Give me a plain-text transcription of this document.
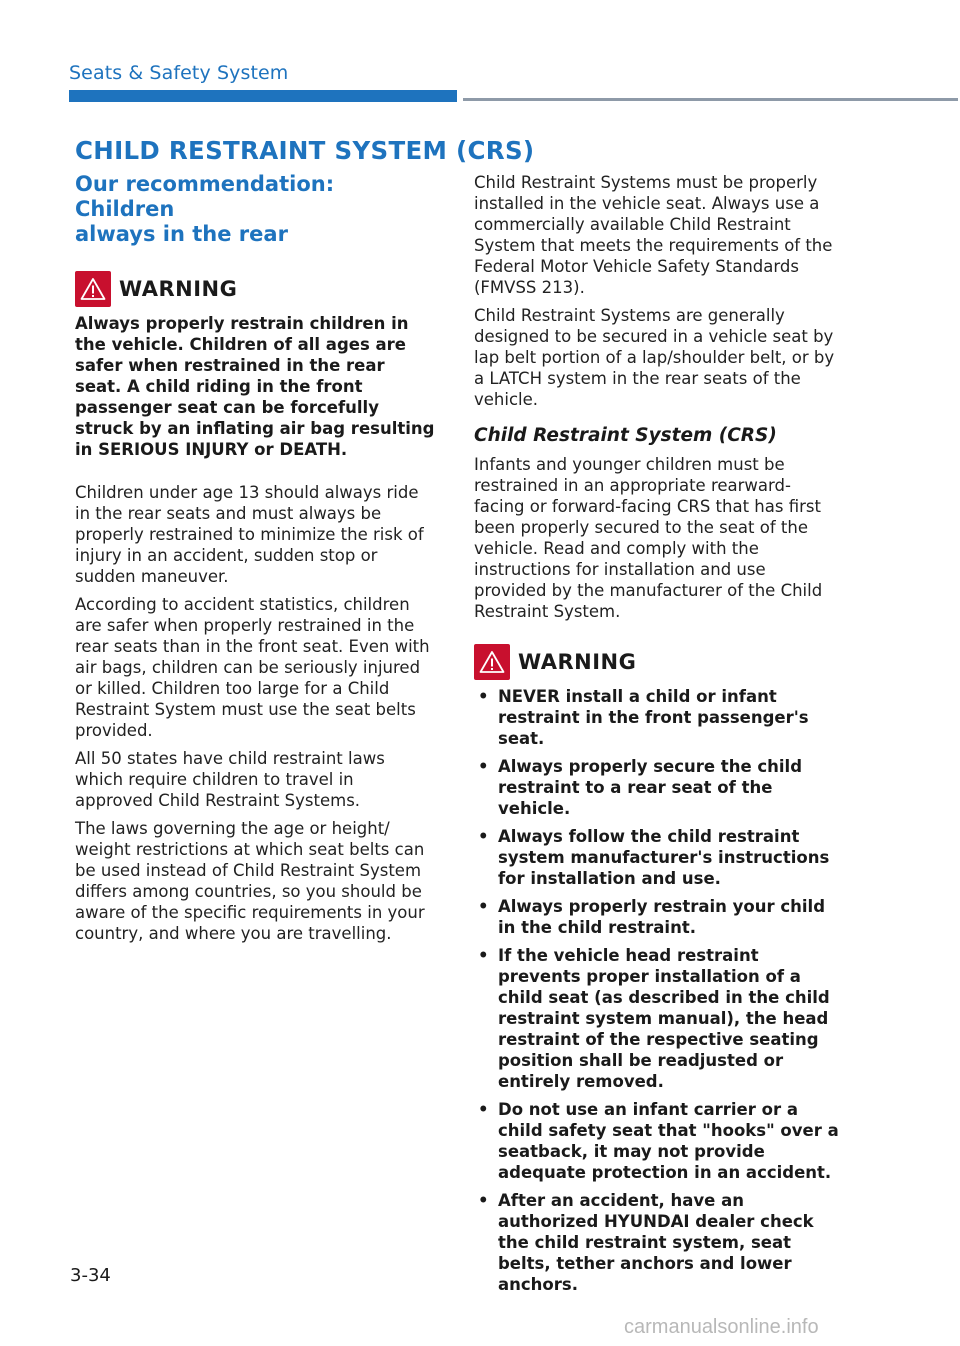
Seats & Safety System
CHILD RESTRAINT SYSTEM (CRS)
Our recommendation: Children
always in the rear
WARNING

Always properly restrain children in the vehicle. Children of all ages are safer when restrained in the rear seat. A child riding in the front passenger seat can be forcefully struck by an inflating air bag resulting in SERIOUS INJURY or DEATH.

Children under age 13 should always ride in the rear seats and must always be properly restrained to minimize the risk of injury in an accident, sudden stop or sudden maneuver.

According to accident statistics, children are safer when properly restrained in the rear seats than in the front seat. Even with air bags, children can be seriously injured or killed. Children too large for a Child Restraint System must use the seat belts provided.

All 50 states have child restraint laws which require children to travel in approved Child Restraint Systems.

The laws governing the age or height/ weight restrictions at which seat belts can be used instead of Child Restraint System differs among countries, so you should be aware of the specific requirements in your country, and where you are travelling.

Child Restraint Systems must be properly installed in the vehicle seat. Always use a commercially available Child Restraint System that meets the requirements of the Federal Motor Vehicle Safety Standards (FMVSS 213).

Child Restraint Systems are generally designed to be secured in a vehicle seat by lap belt portion of a lap/shoulder belt, or by a LATCH system in the rear seats of the vehicle.

Child Restraint System (CRS)

Infants and younger children must be restrained in an appropriate rearward-facing or forward-facing CRS that has first been properly secured to the seat of the vehicle. Read and comply with the instructions for installation and use provided by the manufacturer of the Child Restraint System.

WARNING
• NEVER install a child or infant restraint in the front passenger's seat.
• Always properly secure the child restraint to a rear seat of the vehicle.
• Always follow the child restraint system manufacturer's instructions for installation and use.
• Always properly restrain your child in the child restraint.
• If the vehicle head restraint prevents proper installation of a child seat (as described in the child restraint system manual), the head restraint of the respective seating position shall be readjusted or entirely removed.
• Do not use an infant carrier or a child safety seat that "hooks" over a seatback, it may not provide adequate protection in an accident.
• After an accident, have an authorized HYUNDAI dealer check the child restraint system, seat belts, tether anchors and lower anchors.
3-34
carmanualsonline.info
